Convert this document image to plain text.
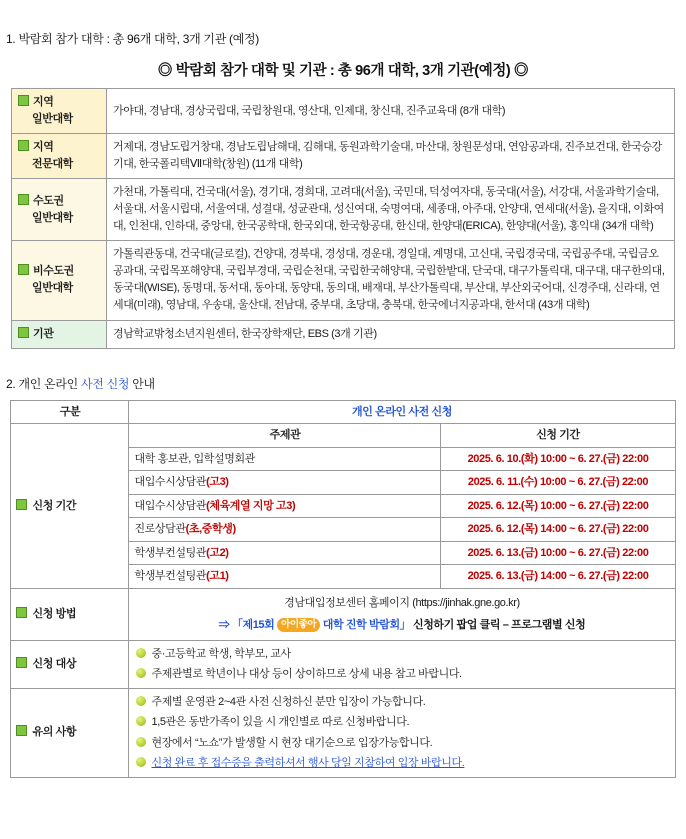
1. 박람회 참가 대학 : 총 96개 대학, 3개 기관 (예정)
◎ 박람회 참가 대학 및 기관 : 총 96개 대학, 3개 기관(예정) ◎
지역
일반대학	가야대, 경남대, 경상국립대, 국립창원대, 영산대, 인제대, 창신대, 진주교육대 (8개 대학)
지역
전문대학	거제대, 경남도립거창대, 경남도립남해대, 김해대, 동원과학기술대, 마산대, 창원문성대, 연암공과대, 진주보건대, 한국승강기대, 한국폴리텍Ⅶ대학(창원) (11개 대학)
수도권
일반대학	가천대, 가톨릭대, 건국대(서울), 경기대, 경희대, 고려대(서울), 국민대, 덕성여자대, 동국대(서울), 서강대, 서울과학기술대, 서울대, 서울시립대, 서울여대, 성결대, 성균관대, 성신여대, 숙명여대, 세종대, 아주대, 안양대, 연세대(서울), 을지대, 이화여대, 인천대, 인하대, 중앙대, 한국공학대, 한국외대, 한국항공대, 한신대, 한양대(ERICA), 한양대(서울), 홍익대 (34개 대학)
비수도권
일반대학	가톨릭관동대, 건국대(글로컬), 건양대, 경북대, 경성대, 경운대, 경일대, 계명대, 고신대, 국립경국대, 국립공주대, 국립금오공과대, 국립목포해양대, 국립부경대, 국립순천대, 국립한국해양대, 국립한밭대, 단국대, 대구가톨릭대, 대구대, 대구한의대, 동국대(WISE), 동명대, 동서대, 동아대, 동양대, 동의대, 배재대, 부산가톨릭대, 부산대, 부산외국어대, 신경주대, 신라대, 연세대(미래), 영남대, 우송대, 울산대, 전남대, 중부대, 초당대, 충북대, 한국에너지공과대, 한서대 (43개 대학)
기관	경남학교밖청소년지원센터, 한국장학재단, EBS (3개 기관)
2. 개인 온라인 사전 신청 안내
구분	개인 온라인 사전 신청	
신청 기간	주제관	신청 기간
	대학 홍보관, 입학설명회관	2025. 6. 10.(화) 10:00 ~ 6. 27.(금) 22:00
	대입수시상담관(고3)	2025. 6. 11.(수) 10:00 ~ 6. 27.(금) 22:00
	대입수시상담관(체육계열 지망 고3)	2025. 6. 12.(목) 10:00 ~ 6. 27.(금) 22:00
	진로상담관(초,중학생)	2025. 6. 12.(목) 14:00 ~ 6. 27.(금) 22:00
	학생부컨설팅관(고2)	2025. 6. 13.(금) 10:00 ~ 6. 27.(금) 22:00
	학생부컨설팅관(고1)	2025. 6. 13.(금) 14:00 ~ 6. 27.(금) 22:00
신청 방법	경남대입정보센터 홈페이지 (https://jinhak.gne.go.kr)
⇒ 「제15회 아이좋아 대학 진학 박람회」 신청하기 팝업 클릭 – 프로그램별 신청	

신청 대상	중·고등학교 학생, 학부모, 교사
주제관별로 학년이나 대상 등이 상이하므로 상세 내용 참고 바랍니다.	

유의 사항	주제별 운영관 2~4관 사전 신청하신 분만 입장이 가능합니다.
1,5관은 동반가족이 있을 시 개인별로 따로 신청바랍니다.
현장에서 “노쇼”가 발생할 시 현장 대기순으로 입장가능합니다.
신청 완료 후 접수증을 출력하셔서 행사 당일 지참하여 입장 바랍니다.	
